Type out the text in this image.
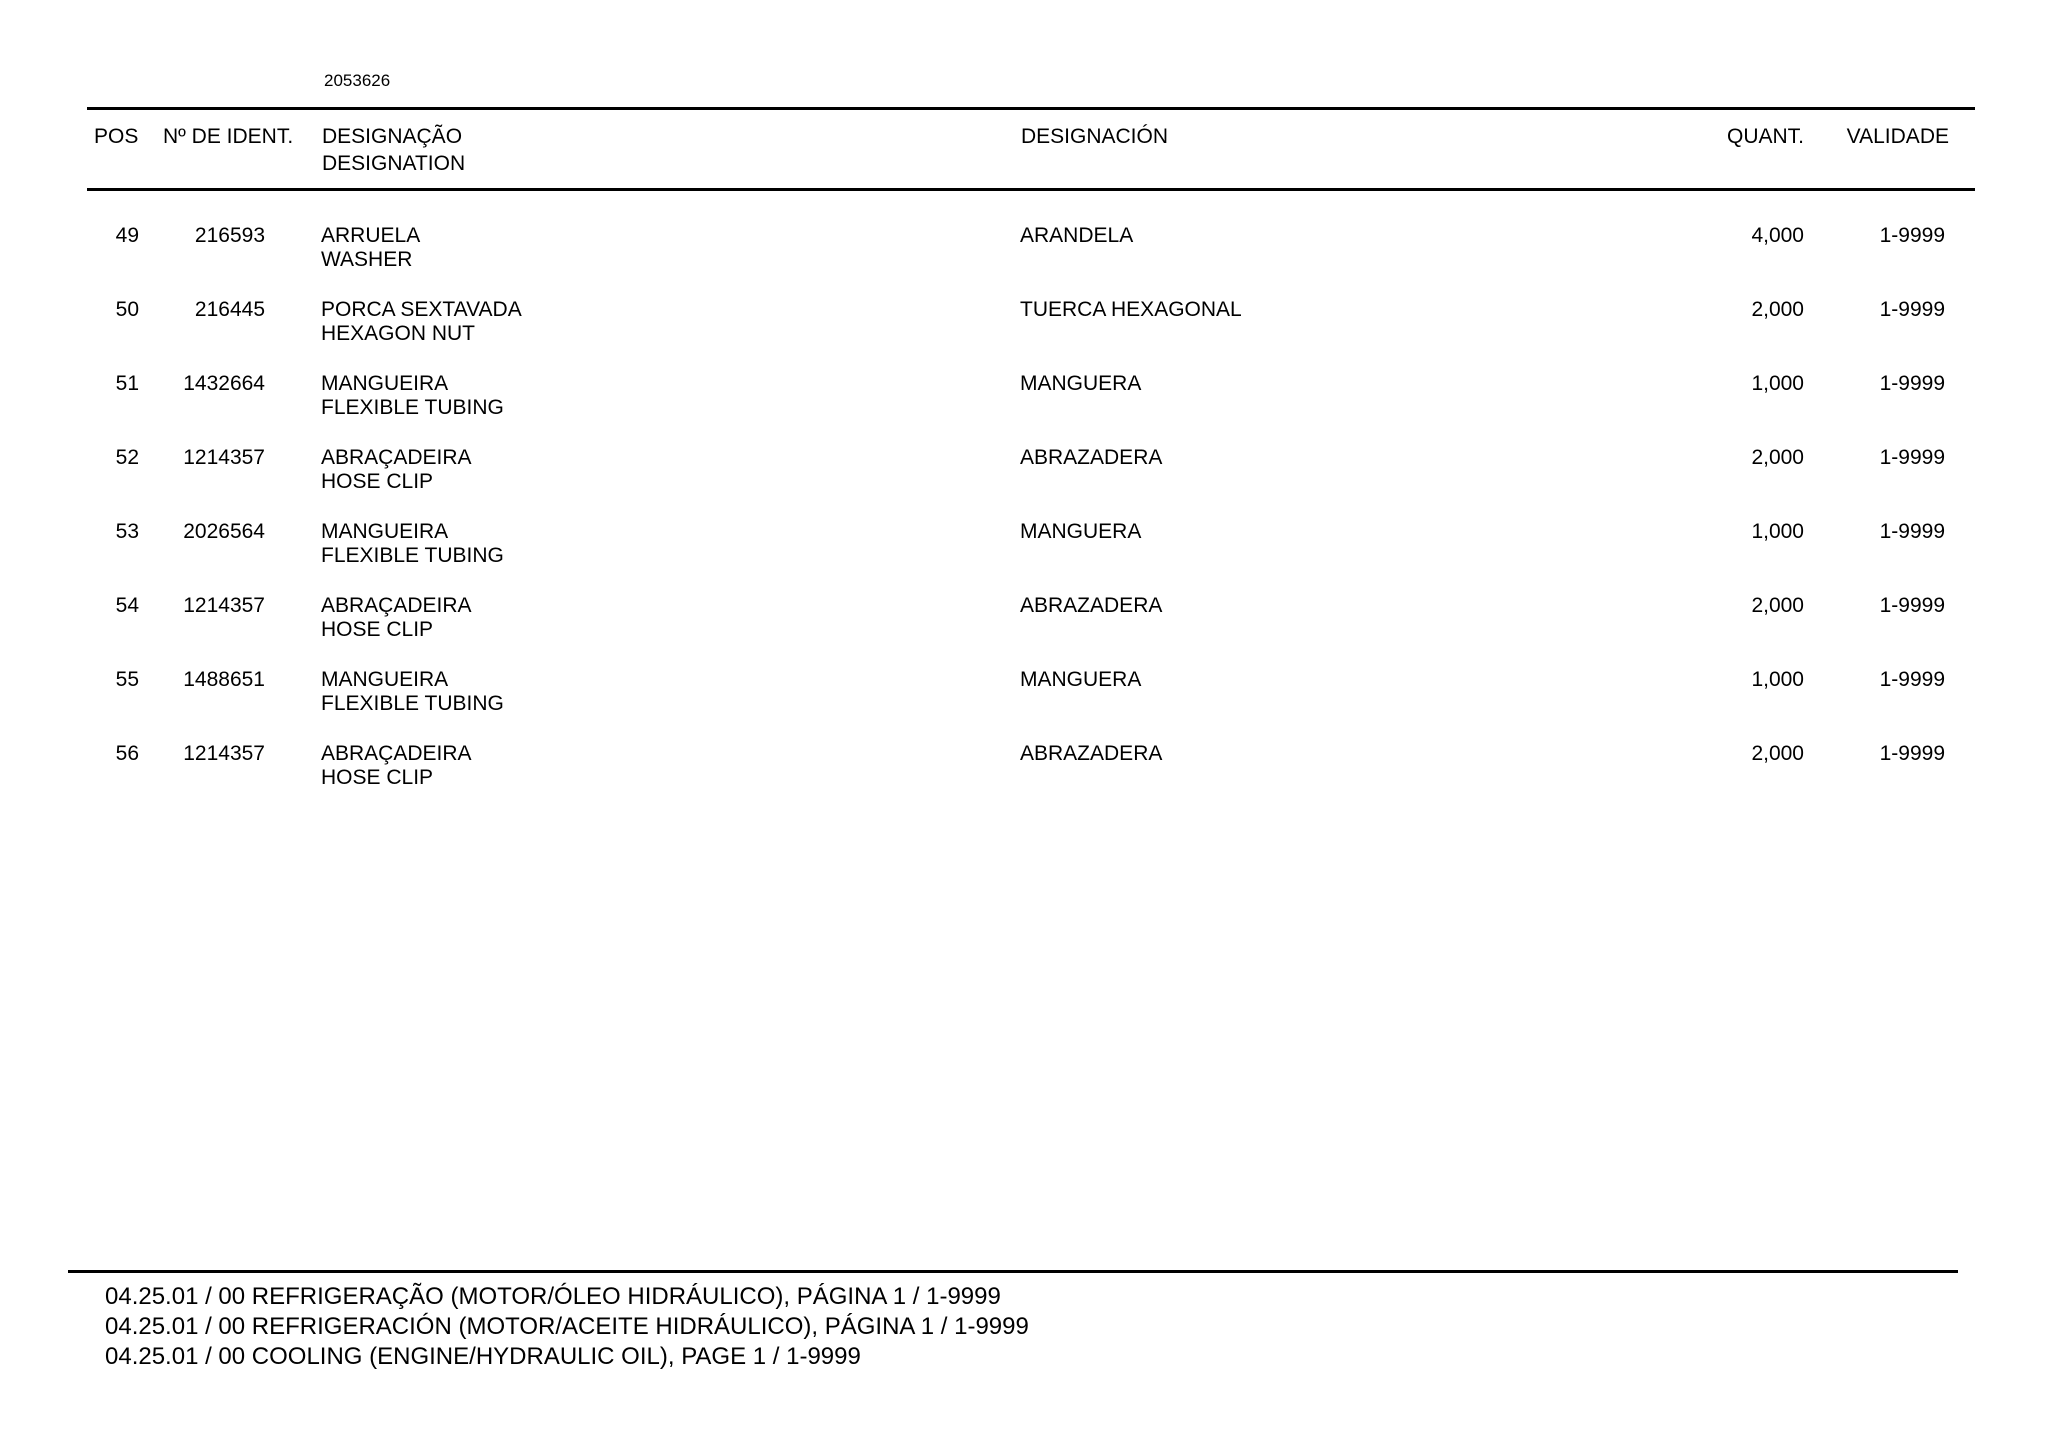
2053626
POS Nº DE IDENT. DESIGNAÇÃO
DESIGNATION
DESIGNACIÓN	QUANT. VALIDADE
49	216593	ARRUELA
WASHER
ARANDELA	4,000	1-9999
50	216445	PORCA SEXTAVADA
HEXAGON NUT
TUERCA HEXAGONAL	2,000	1-9999
51 1432664	MANGUEIRA
FLEXIBLE TUBING
MANGUERA	1,000	1-9999
52 1214357	ABRAÇADEIRA
HOSE CLIP
ABRAZADERA	2,000	1-9999
53 2026564	MANGUEIRA
FLEXIBLE TUBING
MANGUERA	1,000	1-9999
54 1214357	ABRAÇADEIRA
HOSE CLIP
ABRAZADERA	2,000	1-9999
55 1488651	MANGUEIRA
FLEXIBLE TUBING
MANGUERA	1,000	1-9999
56 1214357	ABRAÇADEIRA
HOSE CLIP
ABRAZADERA	2,000	1-9999
04.25.01 / 00 REFRIGERAÇÃO (MOTOR/ÓLEO HIDRÁULICO), PÁGINA 1 / 1-9999
04.25.01 / 00 REFRIGERACIÓN (MOTOR/ACEITE HIDRÁULICO), PÁGINA 1 / 1-9999
04.25.01 / 00 COOLING (ENGINE/HYDRAULIC OIL), PAGE 1 / 1-9999
